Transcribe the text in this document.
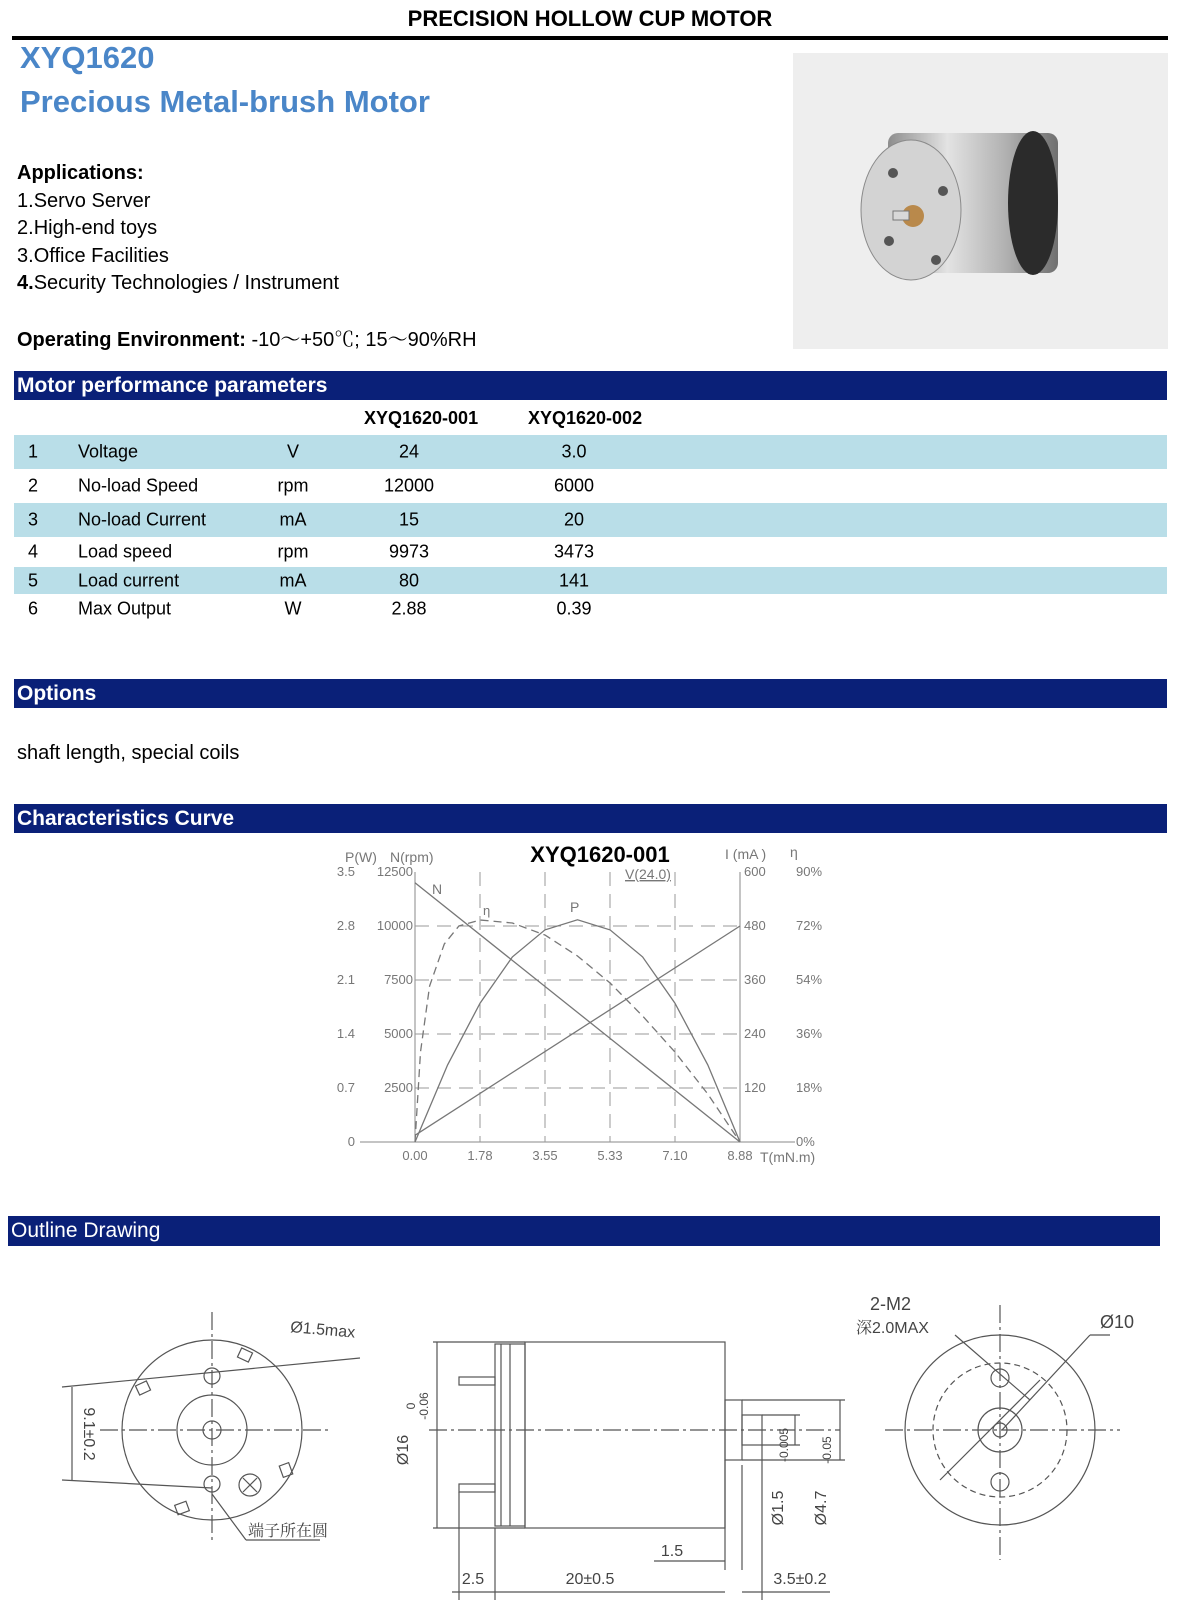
PRECISION HOLLOW CUP MOTOR
XYQ1620
Precious Metal-brush Motor
Applications:
1.Servo Server
2.High-end toys
3.Office Facilities
4.Security Technologies / Instrument
Operating Environment: -10～+50℃; 15～90%RH
Motor performance parameters
XYQ1620-001	XYQ1620-002
1 Voltage	V	24	3.0
2 No-load Speed	rpm	12000	6000
3 No-load Current	mA	15	20
4 Load speed	rpm	9973	3473
5 Load current	mA	80	141
6 Max Output	W	2.88	0.39
Options
shaft length, special coils
Characteristics Curve
XYQ1620-001
0.00	1.78	3.55	5.33	7.10	8.88 T(mN.m)
0
0.7
1.4
2.1
2.8
3.5
2500
5000
7500
10000
12500
120
240
360
480
600
0%
18%
36%
54%
72%
90%
P(W) N(rpm)	I (mA ) η
V(24.0)
N
P
η
Outline Drawing
Ø1.5max
9.1±0.2
端子所在圆
Ø16
0 -0.06
1.5
2.5	20±0.5	3.5±0.2
Ø1.5
-0.005
Ø4.7
-0.05
2-M2
深2.0MAX	Ø10
